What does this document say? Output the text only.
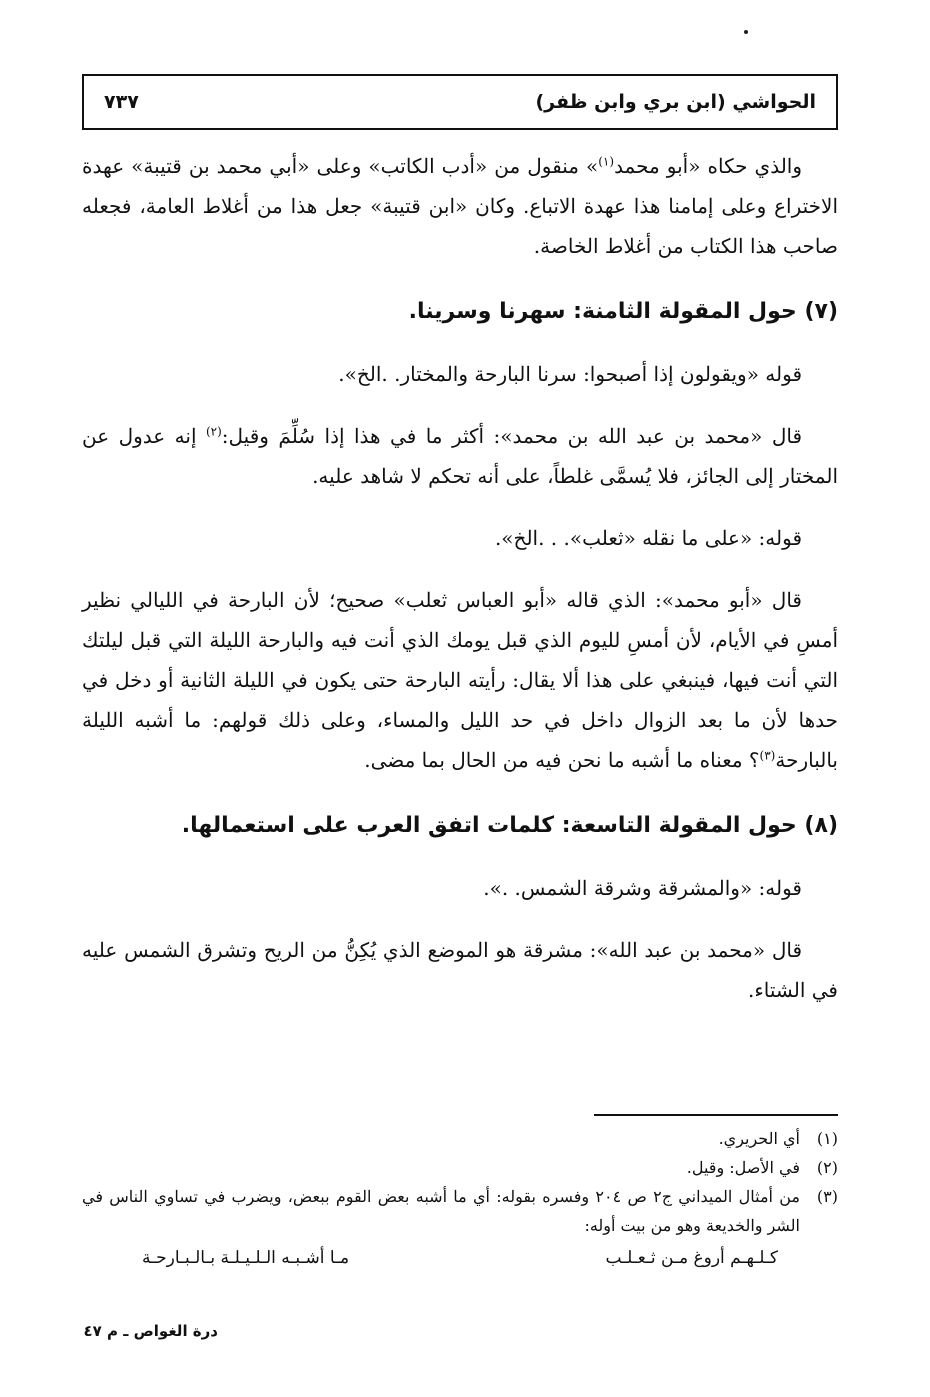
الحواشي (ابن بري وابن ظفر)
٧٣٧

والذي حكاه «أبو محمد$^{(١)}$» منقول من «أدب الكاتب» وعلى «أبي محمد بن قتيبة» عهدة الاختراع وعلى إمامنا هذا عهدة الاتباع. وكان «ابن قتيبة» جعل هذا من أغلاط العامة، فجعله صاحب هذا الكتاب من أغلاط الخاصة.

(٧) حول المقولة الثامنة: سهرنا وسرينا.

قوله «ويقولون إذا أصبحوا: سرنا البارحة والمختار. .الخ».

قال «محمد بن عبد الله بن محمد»: أكثر ما في هذا إذا سُلِّمَ وقيل:$^{(٢)}$ إنه عدول عن المختار إلى الجائز، فلا يُسمَّى غلطاً، على أنه تحكم لا شاهد عليه.

قوله: «على ما نقله «ثعلب». . .الخ».

قال «أبو محمد»: الذي قاله «أبو العباس ثعلب» صحيح؛ لأن البارحة في الليالي نظير أمسِ في الأيام، لأن أمسِ لليوم الذي قبل يومك الذي أنت فيه والبارحة الليلة التي قبل ليلتك التي أنت فيها، فينبغي على هذا ألا يقال: رأيته البارحة حتى يكون في الليلة الثانية أو دخل في حدها لأن ما بعد الزوال داخل في حد الليل والمساء، وعلى ذلك قولهم: ما أشبه الليلة بالبارحة$^{(٣)}$؟ معناه ما أشبه ما نحن فيه من الحال بما مضى.

(٨) حول المقولة التاسعة: كلمات اتفق العرب على استعمالها.

قوله: «والمشرقة وشرقة الشمس. .».

قال «محمد بن عبد الله»: مشرقة هو الموضع الذي يُكِنُّ من الريح وتشرق الشمس عليه في الشتاء.

(١)
أي الحريري.
(٢)
في الأصل: وقيل.
(٣)
من أمثال الميداني ج٢ ص ٢٠٤ وفسره بقوله: أي ما أشبه بعض القوم ببعض، ويضرب في تساوي الناس في الشر والخديعة وهو من بيت أوله:
كـلـهـم أروغ مـن ثـعـلـب
مـا أشـبـه الـلـيـلـة بـالـبـارحـة
درة الغواص ـ م ٤٧
